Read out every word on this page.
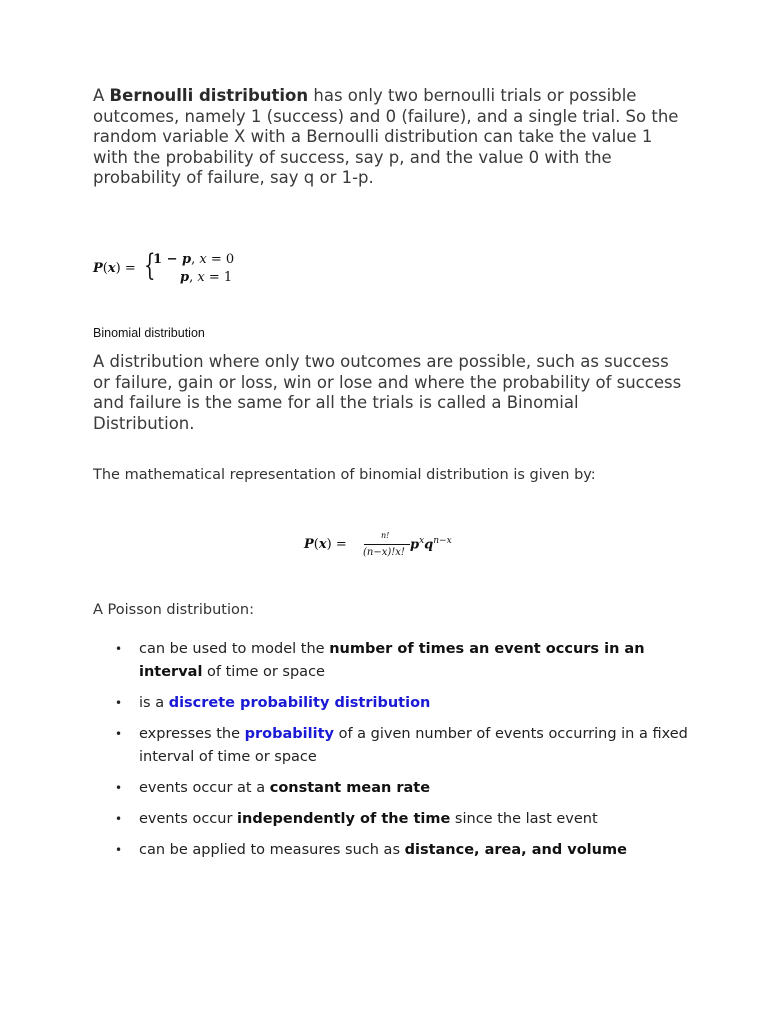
A Bernoulli distribution has only two bernoulli trials or possible outcomes, namely 1 (success) and 0 (failure), and a single trial. So the random variable X with a Bernoulli distribution can take the value 1 with the probability of success, say p, and the value 0 with the probability of failure, say q or 1-p.

P(x) = {
1 − p, x = 0
p, x = 1

Binomial distribution

A distribution where only two outcomes are possible, such as success or failure, gain or loss, win or lose and where the probability of success and failure is the same for all the trials is called a Binomial Distribution.

The mathematical representation of binomial distribution is given by:

P(x) =
n!
(n−x)!x!
$p^xq^{n-x}$

A Poisson distribution:

• can be used to model the number of times an event occurs in an interval of time or space
• is a discrete probability distribution
• expresses the probability of a given number of events occurring in a fixed interval of time or space
• events occur at a constant mean rate
• events occur independently of the time since the last event
• can be applied to measures such as distance, area, and volume
